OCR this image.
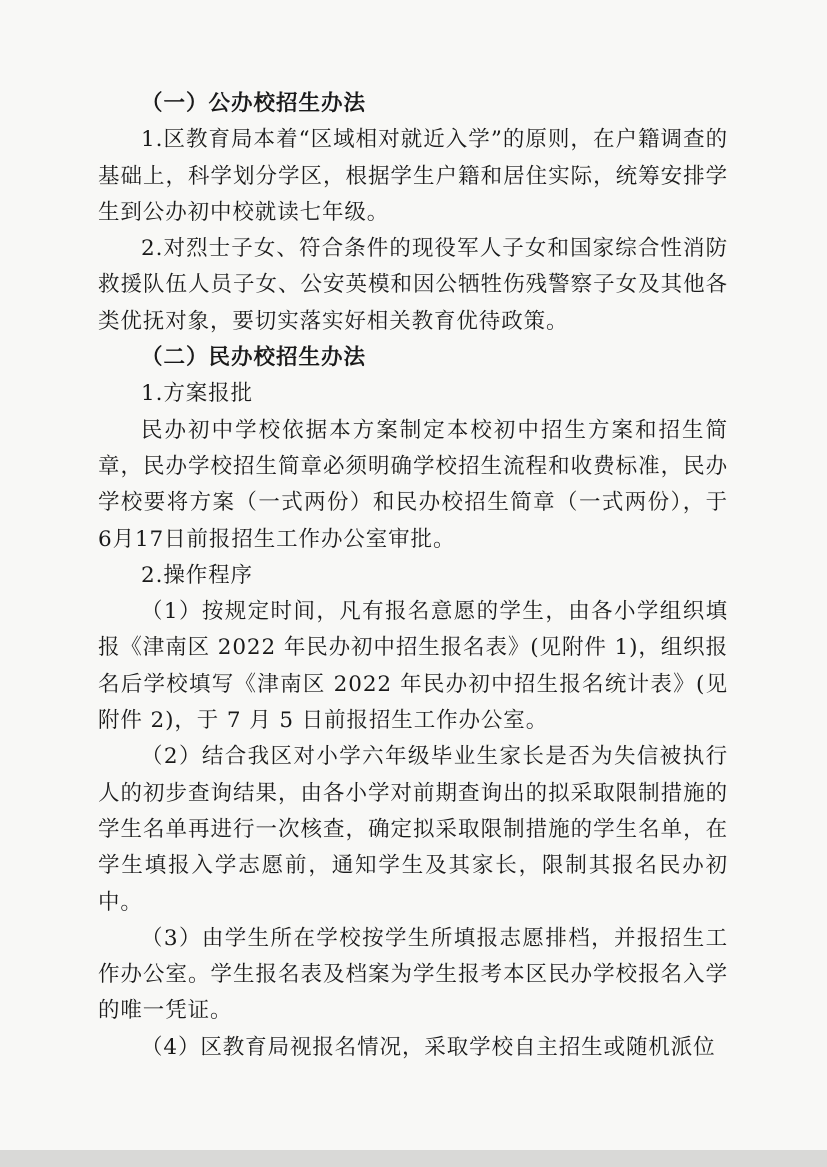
（一）公办校招生办法

1.区教育局本着“区域相对就近入学”的原则，在户籍调查的基础上，科学划分学区，根据学生户籍和居住实际，统筹安排学生到公办初中校就读七年级。

2.对烈士子女、符合条件的现役军人子女和国家综合性消防救援队伍人员子女、公安英模和因公牺牲伤残警察子女及其他各类优抚对象，要切实落实好相关教育优待政策。

（二）民办校招生办法

1.方案报批

民办初中学校依据本方案制定本校初中招生方案和招生简章，民办学校招生简章必须明确学校招生流程和收费标准，民办学校要将方案（一式两份）和民办校招生简章（一式两份），于6月17日前报招生工作办公室审批。

2.操作程序

（1）按规定时间，凡有报名意愿的学生，由各小学组织填报《津南区 2022 年民办初中招生报名表》(见附件 1)，组织报名后学校填写《津南区 2022 年民办初中招生报名统计表》(见附件 2)，于 7 月 5 日前报招生工作办公室。

（2）结合我区对小学六年级毕业生家长是否为失信被执行人的初步查询结果，由各小学对前期查询出的拟采取限制措施的学生名单再进行一次核查，确定拟采取限制措施的学生名单，在学生填报入学志愿前，通知学生及其家长，限制其报名民办初中。

（3）由学生所在学校按学生所填报志愿排档，并报招生工作办公室。学生报名表及档案为学生报考本区民办学校报名入学的唯一凭证。

（4）区教育局视报名情况，采取学校自主招生或随机派位
